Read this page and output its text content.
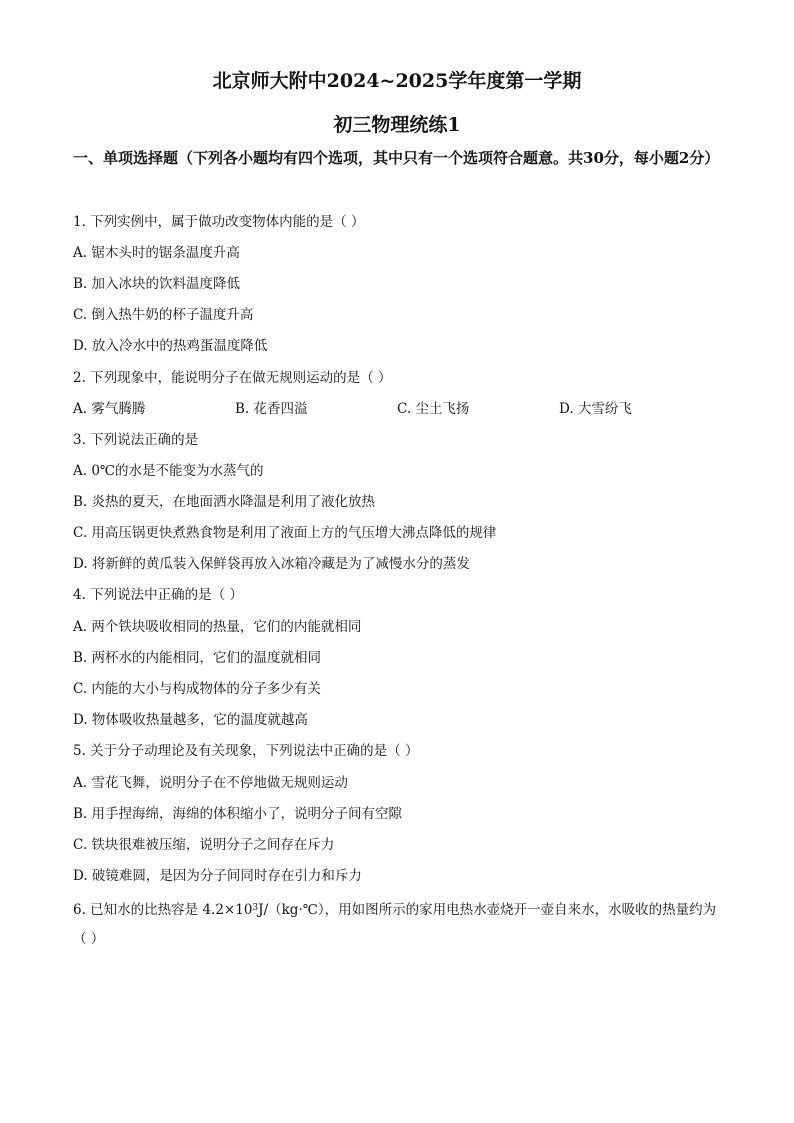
北京师大附中2024~2025学年度第一学期
初三物理统练1
一、单项选择题（下列各小题均有四个选项，其中只有一个选项符合题意。共30分，每小题2分）
1. 下列实例中，属于做功改变物体内能的是（ ）
A. 锯木头时的锯条温度升高
B. 加入冰块的饮料温度降低
C. 倒入热牛奶的杯子温度升高
D. 放入冷水中的热鸡蛋温度降低
2. 下列现象中，能说明分子在做无规则运动的是（ ）
A. 雾气腾腾	B. 花香四溢	C. 尘土飞扬	D. 大雪纷飞
3. 下列说法正确的是
A. 0℃的水是不能变为水蒸气的
B. 炎热的夏天，在地面洒水降温是利用了液化放热
C. 用高压锅更快煮熟食物是利用了液面上方的气压增大沸点降低的规律
D. 将新鲜的黄瓜装入保鲜袋再放入冰箱冷藏是为了减慢水分的蒸发
4. 下列说法中正确的是（ ）
A. 两个铁块吸收相同的热量，它们的内能就相同
B. 两杯水的内能相同，它们的温度就相同
C. 内能的大小与构成物体的分子多少有关
D. 物体吸收热量越多，它的温度就越高
5. 关于分子动理论及有关现象，下列说法中正确的是（ ）
A. 雪花飞舞，说明分子在不停地做无规则运动
B. 用手捏海绵，海绵的体积缩小了，说明分子间有空隙
C. 铁块很难被压缩，说明分子之间存在斥力
D. 破镜难圆，是因为分子间同时存在引力和斥力
6. 已知水的比热容是 $4.2\times 10^3J/(kg\cdot℃)$，用如图所示的家用电热水壶烧开一壶自来水，水吸收的热量约为
（ ）
